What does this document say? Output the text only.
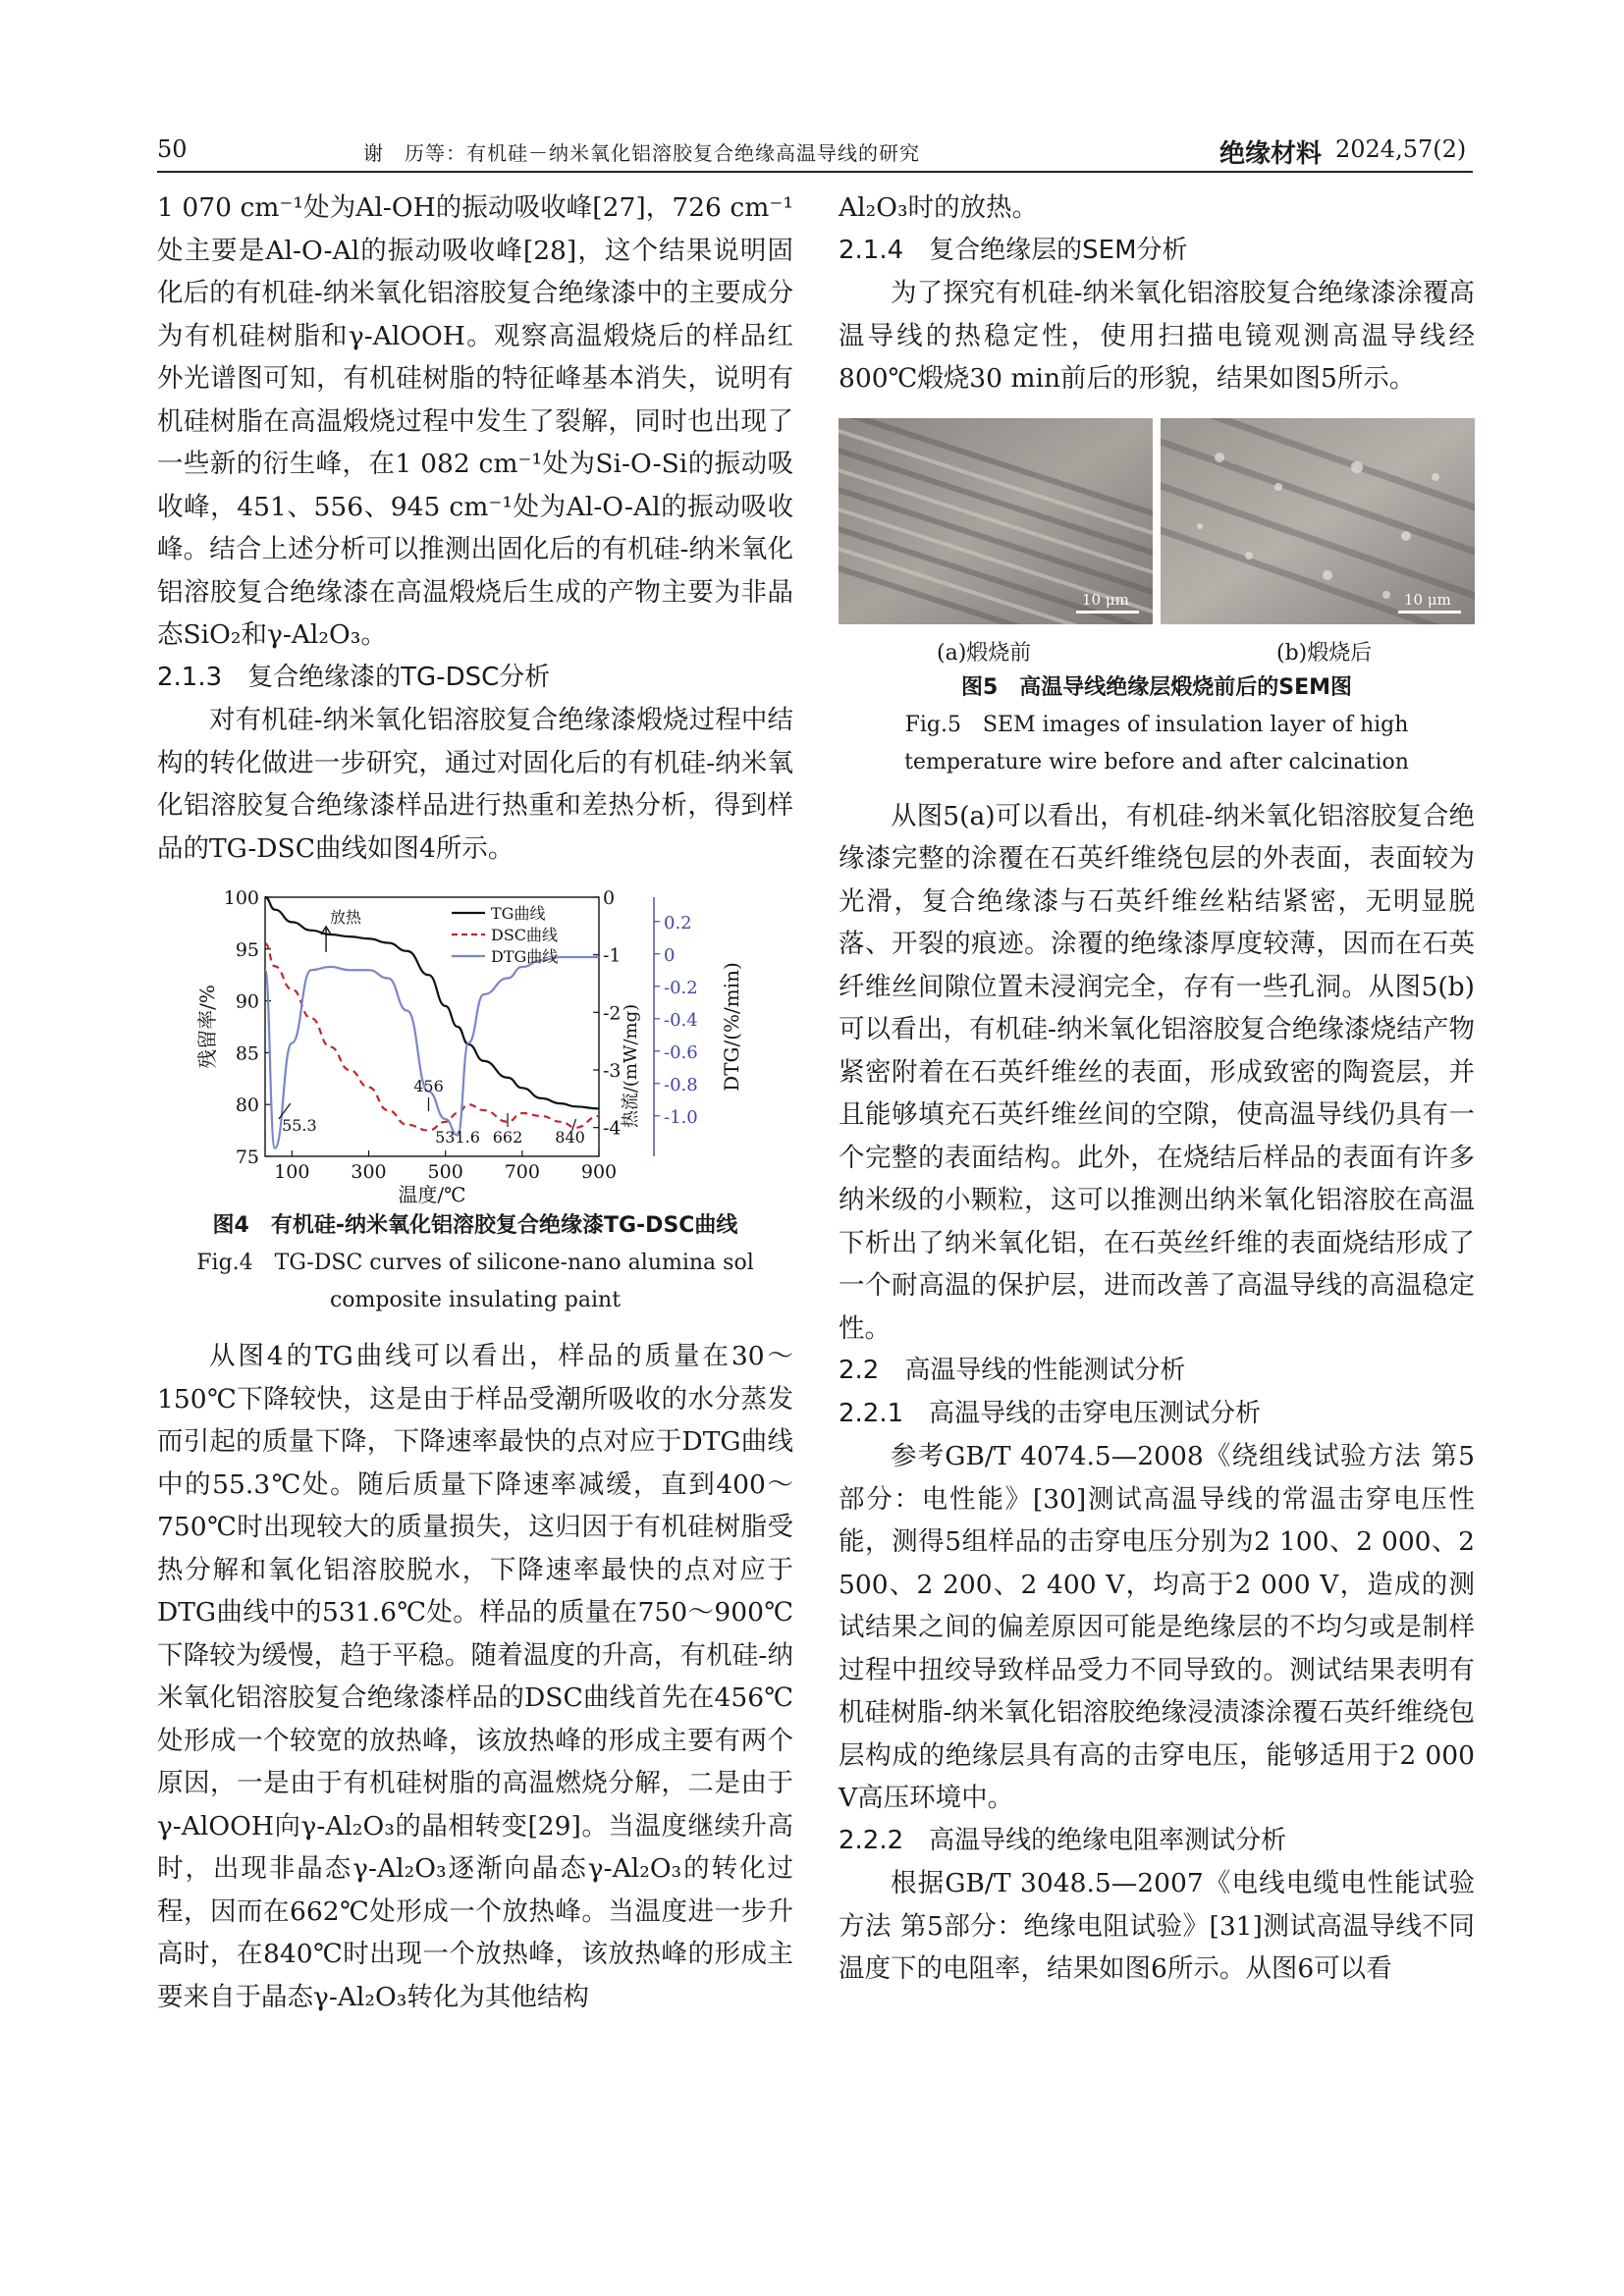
50	谢　历等：有机硅－纳米氧化铝溶胶复合绝缘高温导线的研究	绝缘材料 2024,57(2)

1 070 cm⁻¹处为Al-OH的振动吸收峰[27]，726 cm⁻¹处主要是Al-O-Al的振动吸收峰[28]，这个结果说明固化后的有机硅-纳米氧化铝溶胶复合绝缘漆中的主要成分为有机硅树脂和γ-AlOOH。观察高温煅烧后的样品红外光谱图可知，有机硅树脂的特征峰基本消失，说明有机硅树脂在高温煅烧过程中发生了裂解，同时也出现了一些新的衍生峰，在1 082 cm⁻¹处为Si-O-Si的振动吸收峰，451、556、945 cm⁻¹处为Al-O-Al的振动吸收峰。结合上述分析可以推测出固化后的有机硅-纳米氧化铝溶胶复合绝缘漆在高温煅烧后生成的产物主要为非晶态SiO₂和γ-Al₂O₃。

2.1.3　复合绝缘漆的TG-DSC分析

对有机硅-纳米氧化铝溶胶复合绝缘漆煅烧过程中结构的转化做进一步研究，通过对固化后的有机硅-纳米氧化铝溶胶复合绝缘漆样品进行热重和差热分析，得到样品的TG-DSC曲线如图4所示。

100 300 500 700 900
温度/℃
75
80
85
90
95
100
残留率/%
0
-1
-2
-3
-4
热流/(mW/mg)
0.2
0
-0.2
-0.4
-0.6
-0.8
-1.0
DTG/(%/min)
TG曲线
DSC曲线
DTG曲线
放热
55.3
456
531.6 662 840

图4　有机硅-纳米氧化铝溶胶复合绝缘漆TG-DSC曲线

Fig.4　TG-DSC curves of silicone-nano alumina sol composite insulating paint

从图4的TG曲线可以看出，样品的质量在30～150℃下降较快，这是由于样品受潮所吸收的水分蒸发而引起的质量下降，下降速率最快的点对应于DTG曲线中的55.3℃处。随后质量下降速率减缓，直到400～750℃时出现较大的质量损失，这归因于有机硅树脂受热分解和氧化铝溶胶脱水，下降速率最快的点对应于DTG曲线中的531.6℃处。样品的质量在750～900℃下降较为缓慢，趋于平稳。随着温度的升高，有机硅-纳米氧化铝溶胶复合绝缘漆样品的DSC曲线首先在456℃处形成一个较宽的放热峰，该放热峰的形成主要有两个原因，一是由于有机硅树脂的高温燃烧分解，二是由于γ-AlOOH向γ-Al₂O₃的晶相转变[29]。当温度继续升高时，出现非晶态γ-Al₂O₃逐渐向晶态γ-Al₂O₃的转化过程，因而在662℃处形成一个放热峰。当温度进一步升高时，在840℃时出现一个放热峰，该放热峰的形成主要来自于晶态γ-Al₂O₃转化为其他结构

Al₂O₃时的放热。

2.1.4　复合绝缘层的SEM分析

为了探究有机硅-纳米氧化铝溶胶复合绝缘漆涂覆高温导线的热稳定性，使用扫描电镜观测高温导线经800℃煅烧30 min前后的形貌，结果如图5所示。

10 μm	10 μm
(a)煅烧前	(b)煅烧后

图5　高温导线绝缘层煅烧前后的SEM图

Fig.5　SEM images of insulation layer of high temperature wire before and after calcination

从图5(a)可以看出，有机硅-纳米氧化铝溶胶复合绝缘漆完整的涂覆在石英纤维绕包层的外表面，表面较为光滑，复合绝缘漆与石英纤维丝粘结紧密，无明显脱落、开裂的痕迹。涂覆的绝缘漆厚度较薄，因而在石英纤维丝间隙位置未浸润完全，存有一些孔洞。从图5(b)可以看出，有机硅-纳米氧化铝溶胶复合绝缘漆烧结产物紧密附着在石英纤维丝的表面，形成致密的陶瓷层，并且能够填充石英纤维丝间的空隙，使高温导线仍具有一个完整的表面结构。此外，在烧结后样品的表面有许多纳米级的小颗粒，这可以推测出纳米氧化铝溶胶在高温下析出了纳米氧化铝，在石英丝纤维的表面烧结形成了一个耐高温的保护层，进而改善了高温导线的高温稳定性。

2.2　高温导线的性能测试分析

2.2.1　高温导线的击穿电压测试分析

参考GB/T 4074.5—2008《绕组线试验方法 第5部分：电性能》[30]测试高温导线的常温击穿电压性能，测得5组样品的击穿电压分别为2 100、2 000、2 500、2 200、2 400 V，均高于2 000 V，造成的测试结果之间的偏差原因可能是绝缘层的不均匀或是制样过程中扭绞导致样品受力不同导致的。测试结果表明有机硅树脂-纳米氧化铝溶胶绝缘浸渍漆涂覆石英纤维绕包层构成的绝缘层具有高的击穿电压，能够适用于2 000 V高压环境中。

2.2.2　高温导线的绝缘电阻率测试分析

根据GB/T 3048.5—2007《电线电缆电性能试验方法 第5部分：绝缘电阻试验》[31]测试高温导线不同温度下的电阻率，结果如图6所示。从图6可以看
